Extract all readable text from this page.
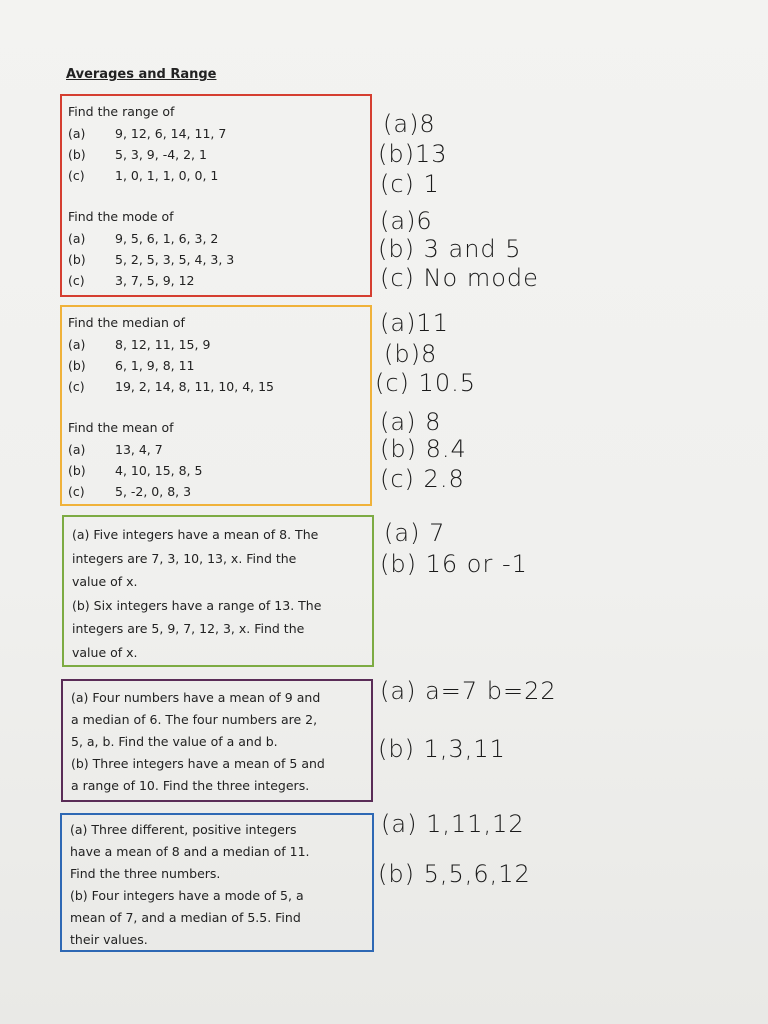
Averages and Range
Find the range of
(a) 9, 12, 6, 14, 11, 7
(b) 5, 3, 9, -4, 2, 1
(c) 1, 0, 1, 1, 0, 0, 1
Find the mode of
(a) 9, 5, 6, 1, 6, 3, 2
(b) 5, 2, 5, 3, 5, 4, 3, 3
(c) 3, 7, 5, 9, 12
Find the median of
(a) 8, 12, 11, 15, 9
(b) 6, 1, 9, 8, 11
(c) 19, 2, 14, 8, 11, 10, 4, 15
Find the mean of
(a) 13, 4, 7
(b) 4, 10, 15, 8, 5
(c) 5, -2, 0, 8, 3
(a) Five integers have a mean of 8. The
integers are 7, 3, 10, 13, x. Find the
value of x.
(b) Six integers have a range of 13. The
integers are 5, 9, 7, 12, 3, x. Find the
value of x.
(a) Four numbers have a mean of 9 and
a median of 6. The four numbers are 2,
5, a, b. Find the value of a and b.
(b) Three integers have a mean of 5 and
a range of 10. Find the three integers.
(a) Three different, positive integers
have a mean of 8 and a median of 11.
Find the three numbers.
(b) Four integers have a mode of 5, a
mean of 7, and a median of 5.5. Find
their values.
(a)8
(b)13
(c) 1
(a)6
(b) 3 and 5
(c) No mode
(a)11
(b)8
(c) 10.5
(a) 8
(b) 8.4
(c) 2.8
(a) 7
(b) 16 or -1
(a) a=7 b=22
(b) 1,3,11
(a) 1,11,12
(b) 5,5,6,12
